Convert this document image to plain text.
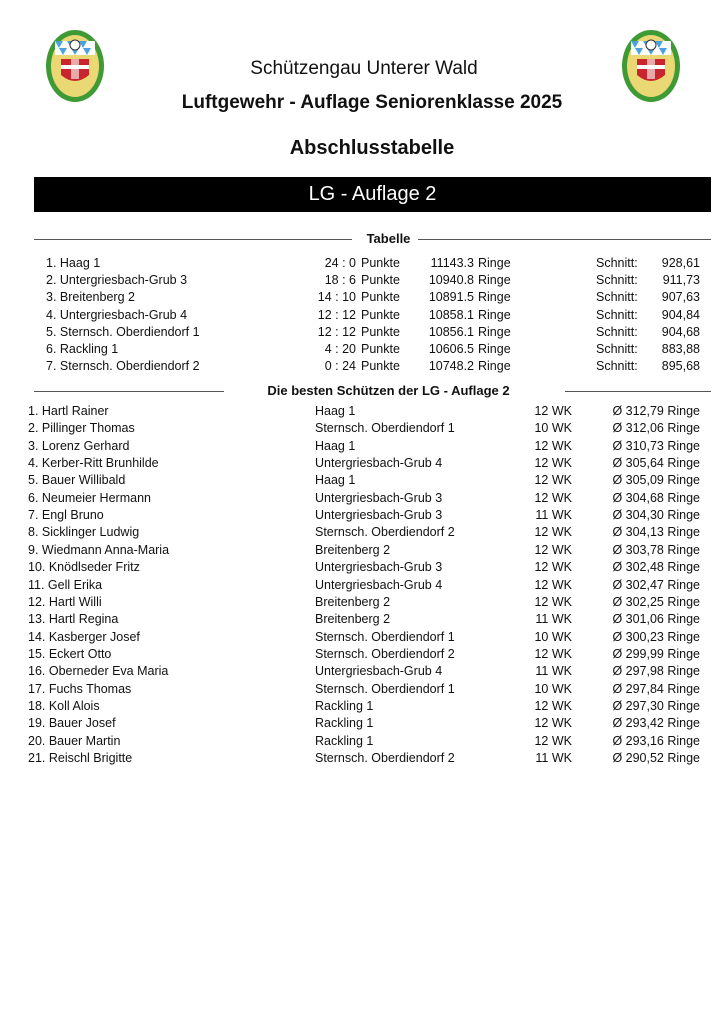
Schützengau Unterer Wald
Luftgewehr - Auflage Seniorenklasse 2025
Abschlusstabelle
LG - Auflage 2
Tabelle
1. Haag 1	24 : 0 Punkte	11143.3 Ringe	Schnitt:	928,61
2. Untergriesbach-Grub 3	18 : 6 Punkte	10940.8 Ringe	Schnitt:	911,73
3. Breitenberg 2	14 : 10 Punkte	10891.5 Ringe	Schnitt:	907,63
4. Untergriesbach-Grub 4	12 : 12 Punkte	10858.1 Ringe	Schnitt:	904,84
5. Sternsch. Oberdiendorf 1	12 : 12 Punkte	10856.1 Ringe	Schnitt:	904,68
6. Rackling 1	4 : 20 Punkte	10606.5 Ringe	Schnitt:	883,88
7. Sternsch. Oberdiendorf 2	0 : 24 Punkte	10748.2 Ringe	Schnitt:	895,68
Die besten Schützen der LG - Auflage 2
1. Hartl Rainer	Haag 1	12 WK	Ø 312,79 Ringe
2. Pillinger Thomas	Sternsch. Oberdiendorf 1	10 WK	Ø 312,06 Ringe
3. Lorenz Gerhard	Haag 1	12 WK	Ø 310,73 Ringe
4. Kerber-Ritt Brunhilde	Untergriesbach-Grub 4	12 WK	Ø 305,64 Ringe
5. Bauer Willibald	Haag 1	12 WK	Ø 305,09 Ringe
6. Neumeier Hermann	Untergriesbach-Grub 3	12 WK	Ø 304,68 Ringe
7. Engl Bruno	Untergriesbach-Grub 3	11 WK	Ø 304,30 Ringe
8. Sicklinger Ludwig	Sternsch. Oberdiendorf 2	12 WK	Ø 304,13 Ringe
9. Wiedmann Anna-Maria	Breitenberg 2	12 WK	Ø 303,78 Ringe
10. Knödlseder Fritz	Untergriesbach-Grub 3	12 WK	Ø 302,48 Ringe
11. Gell Erika	Untergriesbach-Grub 4	12 WK	Ø 302,47 Ringe
12. Hartl Willi	Breitenberg 2	12 WK	Ø 302,25 Ringe
13. Hartl Regina	Breitenberg 2	11 WK	Ø 301,06 Ringe
14. Kasberger Josef	Sternsch. Oberdiendorf 1	10 WK	Ø 300,23 Ringe
15. Eckert Otto	Sternsch. Oberdiendorf 2	12 WK	Ø 299,99 Ringe
16. Oberneder Eva Maria	Untergriesbach-Grub 4	11 WK	Ø 297,98 Ringe
17. Fuchs Thomas	Sternsch. Oberdiendorf 1	10 WK	Ø 297,84 Ringe
18. Koll Alois	Rackling 1	12 WK	Ø 297,30 Ringe
19. Bauer Josef	Rackling 1	12 WK	Ø 293,42 Ringe
20. Bauer Martin	Rackling 1	12 WK	Ø 293,16 Ringe
21. Reischl Brigitte	Sternsch. Oberdiendorf 2	11 WK	Ø 290,52 Ringe
